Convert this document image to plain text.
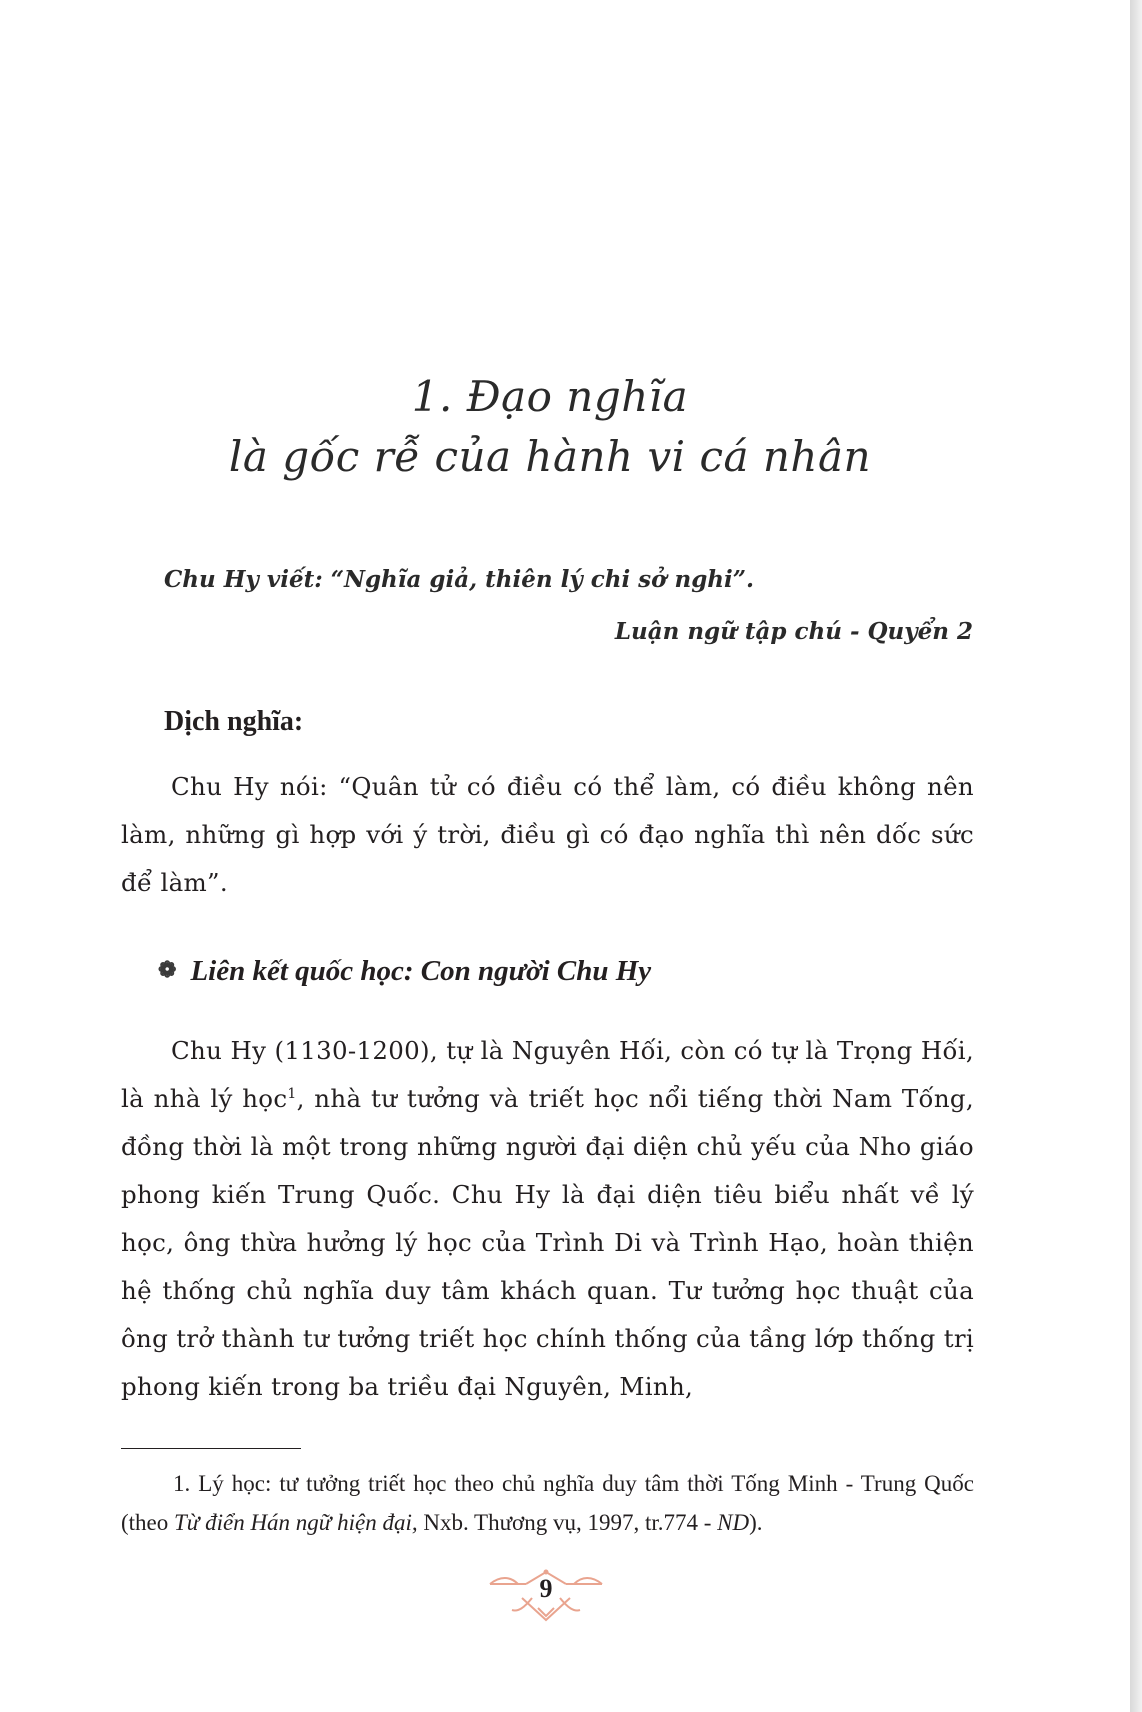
1. Đạo nghĩa
là gốc rễ của hành vi cá nhân
Chu Hy viết: “Nghĩa giả, thiên lý chi sở nghi”.
Luận ngữ tập chú - Quyển 2
Dịch nghĩa:
Chu Hy nói: “Quân tử có điều có thể làm, có điều không nên làm, những gì hợp với ý trời, điều gì có đạo nghĩa thì nên dốc sức để làm”.
❁ Liên kết quốc học: Con người Chu Hy
Chu Hy (1130-1200), tự là Nguyên Hối, còn có tự là Trọng Hối, là nhà lý học$^1$, nhà tư tưởng và triết học nổi tiếng thời Nam Tống, đồng thời là một trong những người đại diện chủ yếu của Nho giáo phong kiến Trung Quốc. Chu Hy là đại diện tiêu biểu nhất về lý học, ông thừa hưởng lý học của Trình Di và Trình Hạo, hoàn thiện hệ thống chủ nghĩa duy tâm khách quan. Tư tưởng học thuật của ông trở thành tư tưởng triết học chính thống của tầng lớp thống trị phong kiến trong ba triều đại Nguyên, Minh,
1. Lý học: tư tưởng triết học theo chủ nghĩa duy tâm thời Tống Minh - Trung Quốc (theo Từ điển Hán ngữ hiện đại, Nxb. Thương vụ, 1997, tr.774 - ND).
9
